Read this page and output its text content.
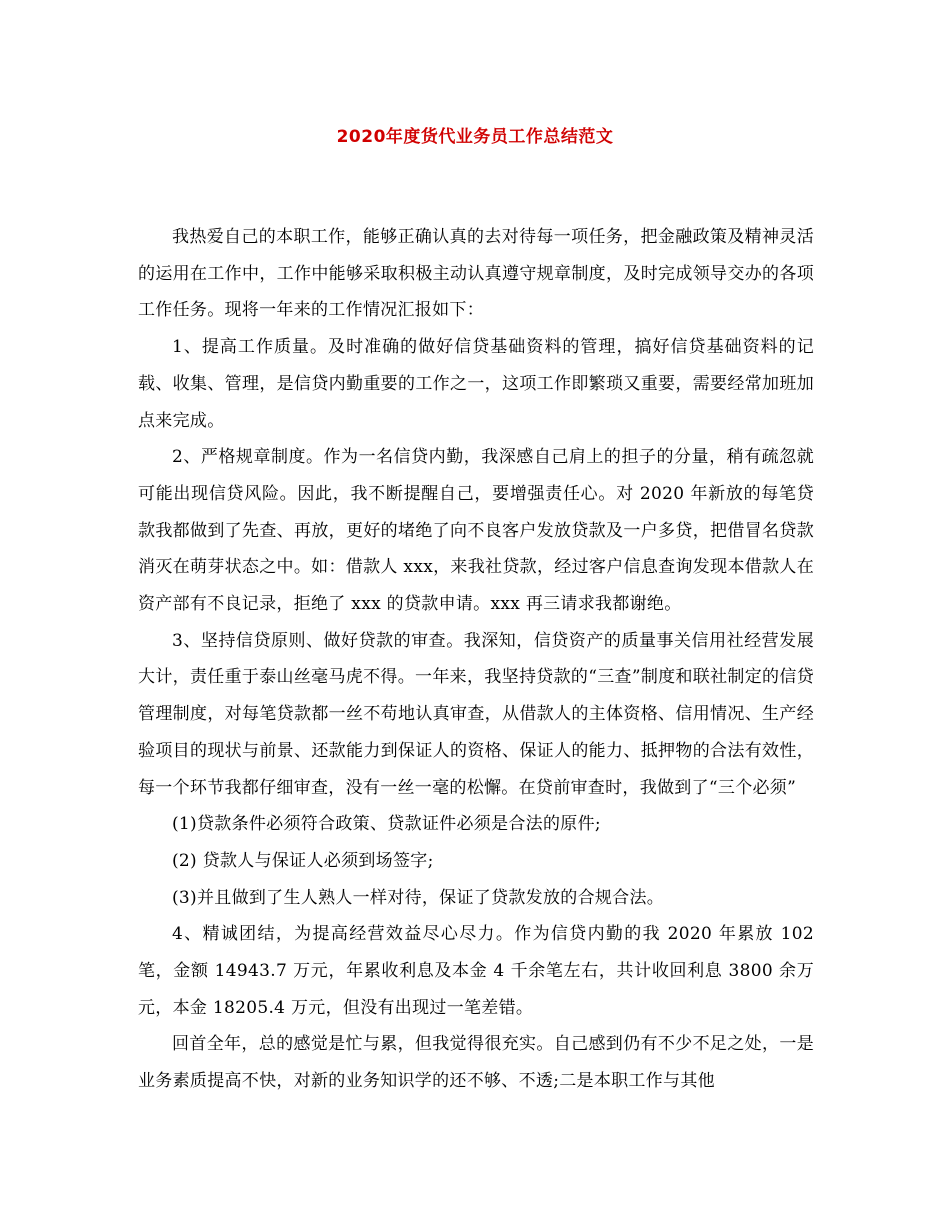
2020年度货代业务员工作总结范文

我热爱自己的本职工作，能够正确认真的去对待每一项任务，把金融政策及精神灵活的运用在工作中，工作中能够采取积极主动认真遵守规章制度，及时完成领导交办的各项工作任务。现将一年来的工作情况汇报如下：

1、提高工作质量。及时准确的做好信贷基础资料的管理，搞好信贷基础资料的记载、收集、管理，是信贷内勤重要的工作之一，这项工作即繁琐又重要，需要经常加班加点来完成。

2、严格规章制度。作为一名信贷内勤，我深感自己肩上的担子的分量，稍有疏忽就可能出现信贷风险。因此，我不断提醒自己，要增强责任心。对 2020 年新放的每笔贷款我都做到了先查、再放，更好的堵绝了向不良客户发放贷款及一户多贷，把借冒名贷款消灭在萌芽状态之中。如：借款人 xxx，来我社贷款，经过客户信息查询发现本借款人在资产部有不良记录，拒绝了 xxx 的贷款申请。xxx 再三请求我都谢绝。

3、坚持信贷原则、做好贷款的审查。我深知，信贷资产的质量事关信用社经营发展大计，责任重于泰山丝毫马虎不得。一年来，我坚持贷款的“三查”制度和联社制定的信贷管理制度，对每笔贷款都一丝不苟地认真审查，从借款人的主体资格、信用情况、生产经验项目的现状与前景、还款能力到保证人的资格、保证人的能力、抵押物的合法有效性，每一个环节我都仔细审查，没有一丝一毫的松懈。在贷前审查时，我做到了“三个必须”

(1)贷款条件必须符合政策、贷款证件必须是合法的原件;

(2) 贷款人与保证人必须到场签字;

(3)并且做到了生人熟人一样对待，保证了贷款发放的合规合法。

4、精诚团结，为提高经营效益尽心尽力。作为信贷内勤的我 2020 年累放 102 笔，金额 14943.7 万元，年累收利息及本金 4 千余笔左右，共计收回利息 3800 余万元，本金 18205.4 万元，但没有出现过一笔差错。

回首全年，总的感觉是忙与累，但我觉得很充实。自己感到仍有不少不足之处，一是业务素质提高不快，对新的业务知识学的还不够、不透;二是本职工作与其他
